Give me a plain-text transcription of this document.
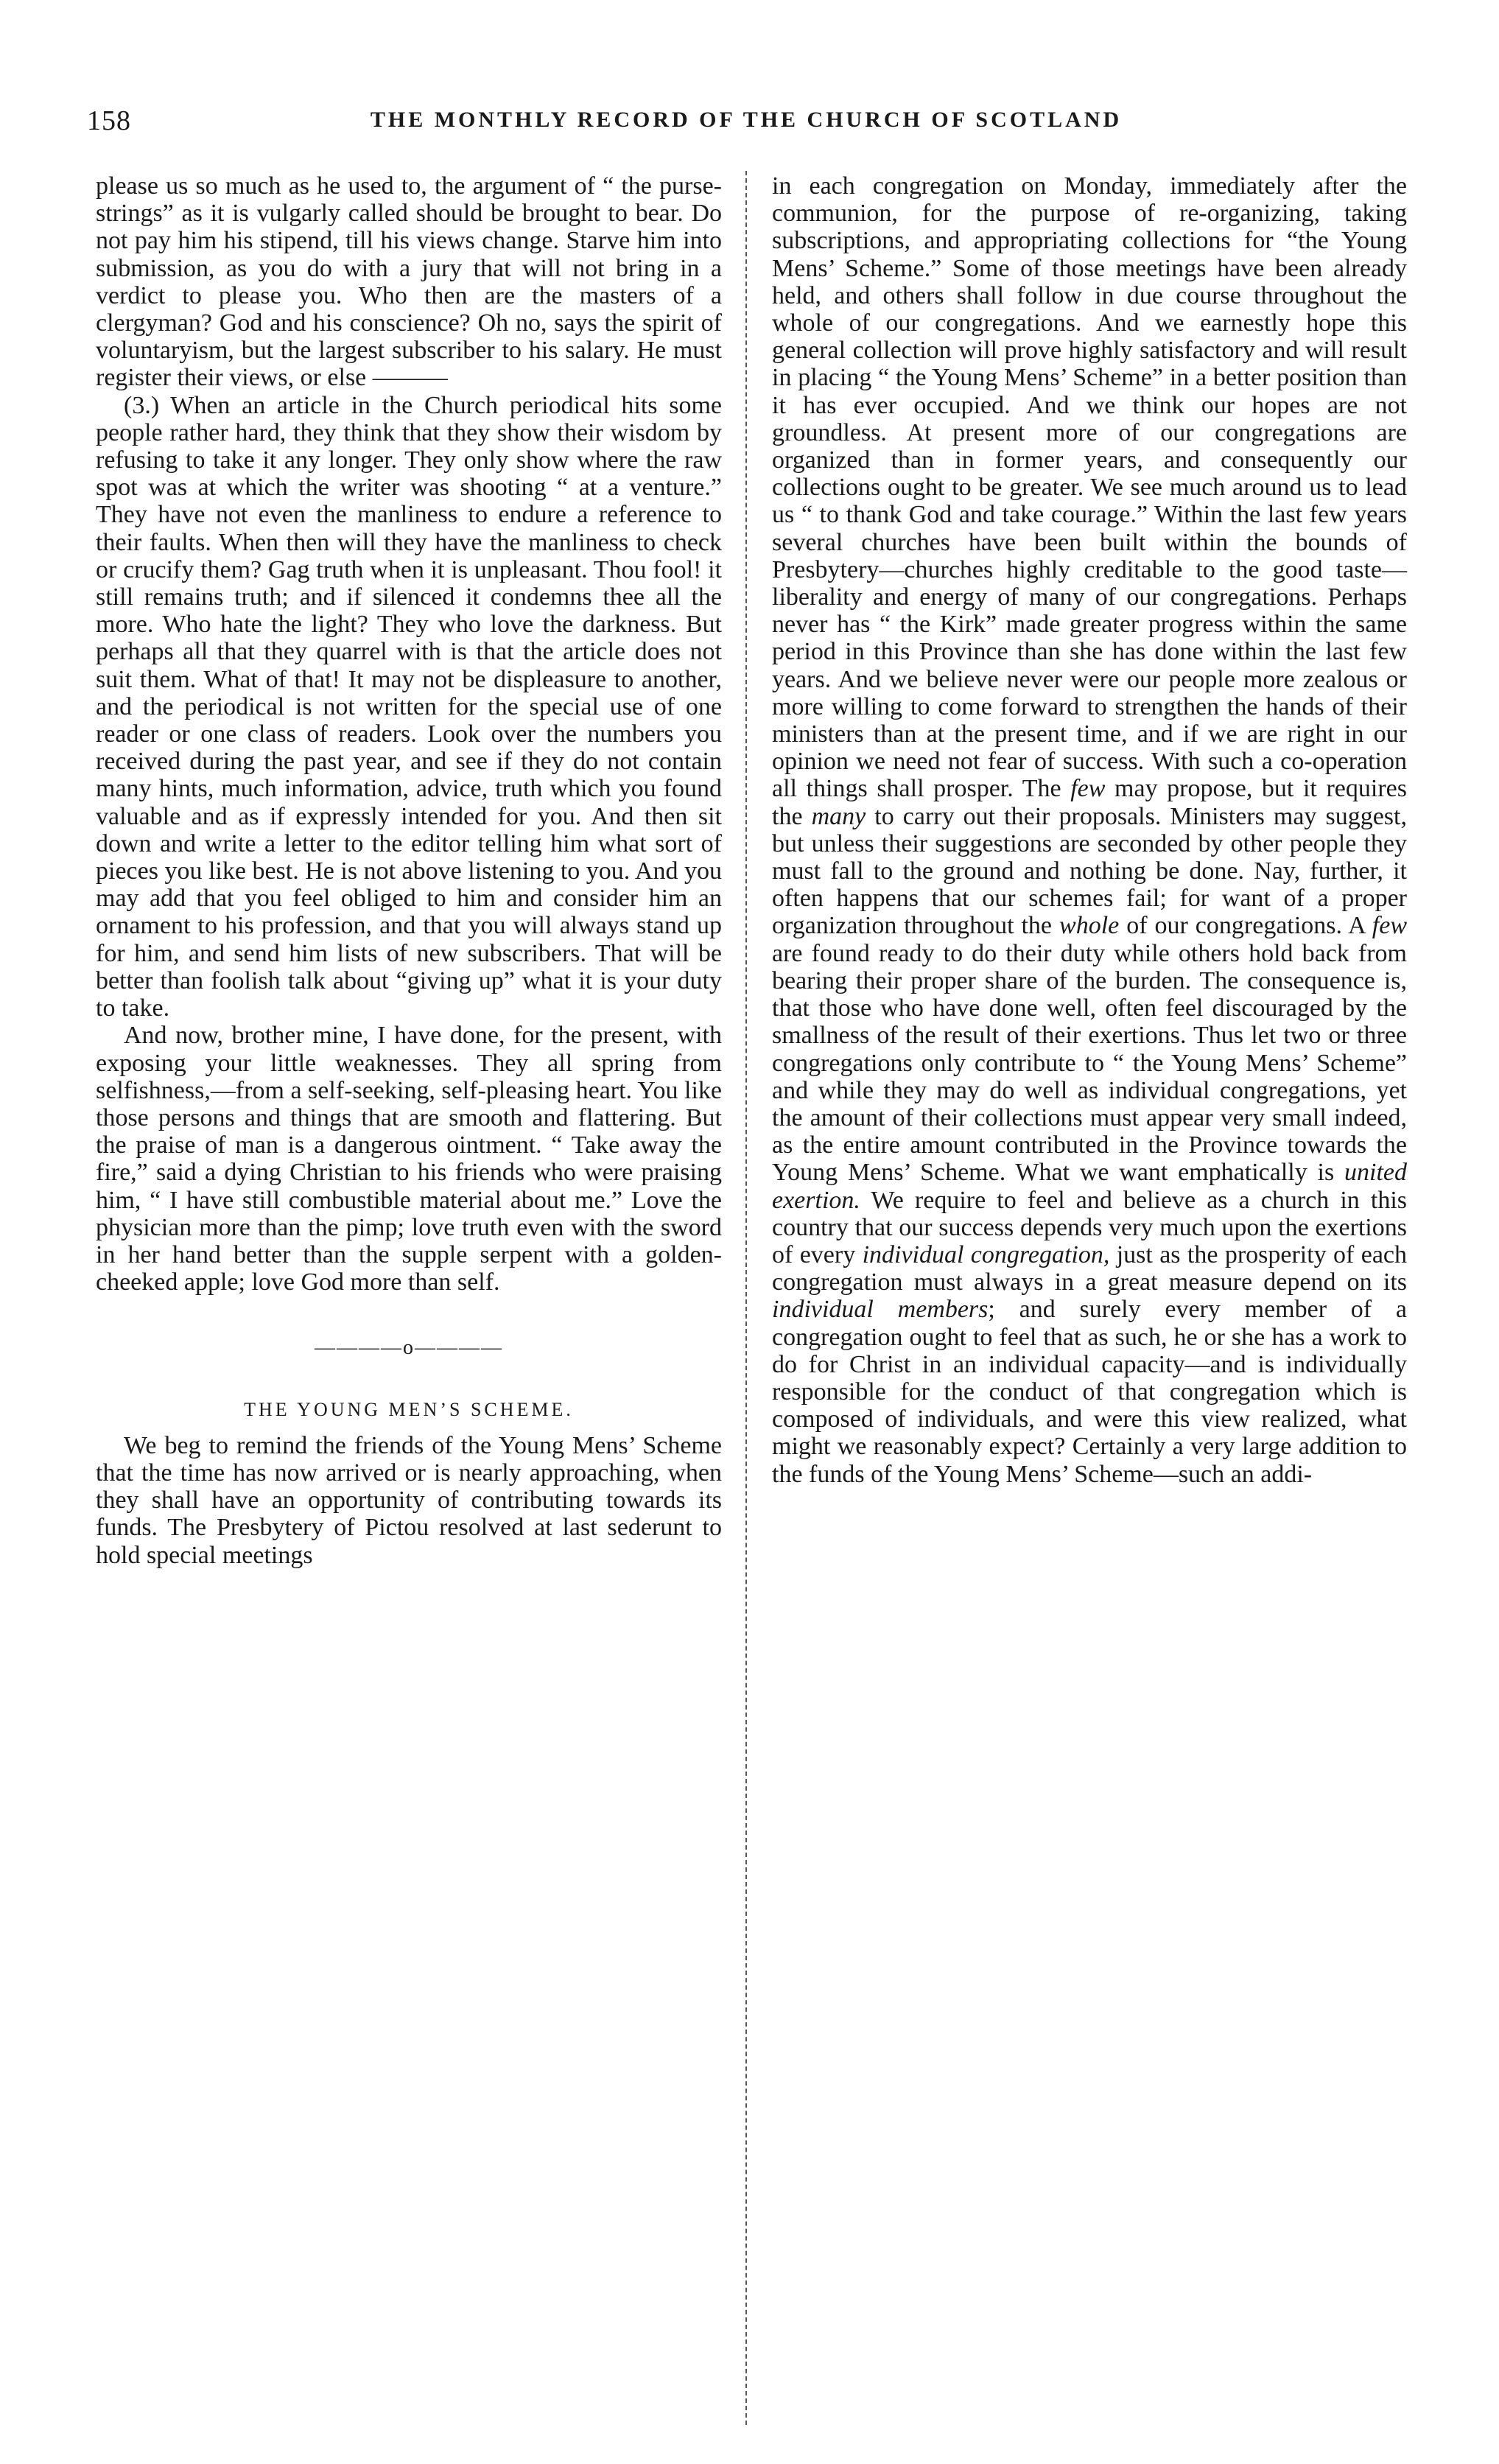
158	THE MONTHLY RECORD OF THE CHURCH OF SCOTLAND

please us so much as he used to, the argument of “ the purse-strings” as it is vulgarly called should be brought to bear. Do not pay him his stipend, till his views change. Starve him into submission, as you do with a jury that will not bring in a verdict to please you. Who then are the masters of a clergyman? God and his conscience? Oh no, says the spirit of voluntaryism, but the largest subscriber to his salary. He must register their views, or else ———

(3.) When an article in the Church periodical hits some people rather hard, they think that they show their wisdom by refusing to take it any longer. They only show where the raw spot was at which the writer was shooting “ at a venture.” They have not even the manliness to endure a reference to their faults. When then will they have the manliness to check or crucify them? Gag truth when it is unpleasant. Thou fool! it still remains truth; and if silenced it condemns thee all the more. Who hate the light? They who love the darkness. But perhaps all that they quarrel with is that the article does not suit them. What of that! It may not be displeasure to another, and the periodical is not written for the special use of one reader or one class of readers. Look over the numbers you received during the past year, and see if they do not contain many hints, much information, advice, truth which you found valuable and as if expressly intended for you. And then sit down and write a letter to the editor telling him what sort of pieces you like best. He is not above listening to you. And you may add that you feel obliged to him and consider him an ornament to his profession, and that you will always stand up for him, and send him lists of new subscribers. That will be better than foolish talk about “giving up” what it is your duty to take.

And now, brother mine, I have done, for the present, with exposing your little weaknesses. They all spring from selfishness,—from a self-seeking, self-pleasing heart. You like those persons and things that are smooth and flattering. But the praise of man is a dangerous ointment. “ Take away the fire,” said a dying Christian to his friends who were praising him, “ I have still combustible material about me.” Love the physician more than the pimp; love truth even with the sword in her hand better than the supple serpent with a golden-cheeked apple; love God more than self.

————o————
THE YOUNG MEN’S SCHEME.

We beg to remind the friends of the Young Mens’ Scheme that the time has now arrived or is nearly approaching, when they shall have an opportunity of contributing towards its funds. The Presbytery of Pictou resolved at last sederunt to hold special meetings

in each congregation on Monday, immediately after the communion, for the purpose of re-organizing, taking subscriptions, and appropriating collections for “the Young Mens’ Scheme.” Some of those meetings have been already held, and others shall follow in due course throughout the whole of our congregations. And we earnestly hope this general collection will prove highly satisfactory and will result in placing “ the Young Mens’ Scheme” in a better position than it has ever occupied. And we think our hopes are not groundless. At present more of our congregations are organized than in former years, and consequently our collections ought to be greater. We see much around us to lead us “ to thank God and take courage.” Within the last few years several churches have been built within the bounds of Presbytery—churches highly creditable to the good taste—liberality and energy of many of our congregations. Perhaps never has “ the Kirk” made greater progress within the same period in this Province than she has done within the last few years. And we believe never were our people more zealous or more willing to come forward to strengthen the hands of their ministers than at the present time, and if we are right in our opinion we need not fear of success. With such a co-operation all things shall prosper. The few may propose, but it requires the many to carry out their proposals. Ministers may suggest, but unless their suggestions are seconded by other people they must fall to the ground and nothing be done. Nay, further, it often happens that our schemes fail; for want of a proper organization throughout the whole of our congregations. A few are found ready to do their duty while others hold back from bearing their proper share of the burden. The consequence is, that those who have done well, often feel discouraged by the smallness of the result of their exertions. Thus let two or three congregations only contribute to “ the Young Mens’ Scheme” and while they may do well as individual congregations, yet the amount of their collections must appear very small indeed, as the entire amount contributed in the Province towards the Young Mens’ Scheme. What we want emphatically is united exertion. We require to feel and believe as a church in this country that our success depends very much upon the exertions of every individual congregation, just as the prosperity of each congregation must always in a great measure depend on its individual members; and surely every member of a congregation ought to feel that as such, he or she has a work to do for Christ in an individual capacity—and is individually responsible for the conduct of that congregation which is composed of individuals, and were this view realized, what might we reasonably expect? Certainly a very large addition to the funds of the Young Mens’ Scheme—such an addi-
